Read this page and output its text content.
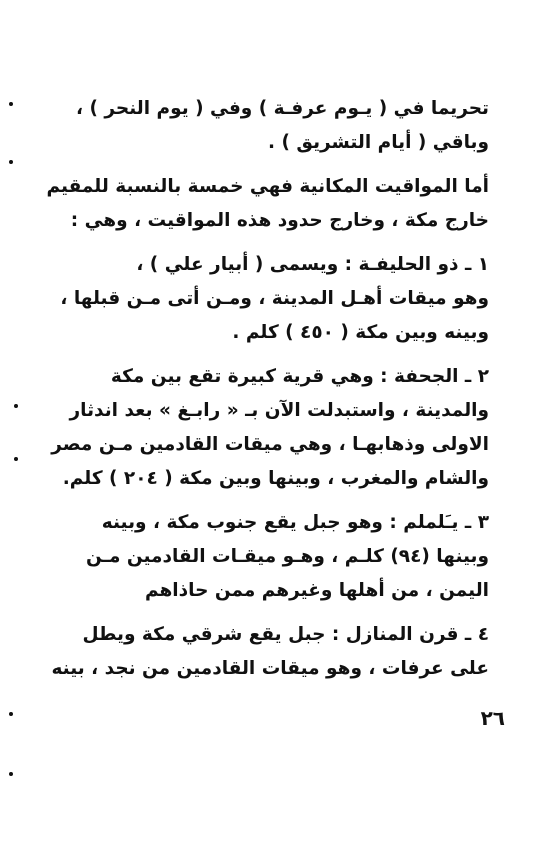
تحريما في ( يـوم عرفـة ) وفي ( يوم النحر ) ،
وباقي ( أيام التشريق ) .

أما المواقيت المكانية فهي خمسة بالنسبة للمقيم
خارج مكة ، وخارج حدود هذه المواقيت ، وهي :

١ ـ ذو الحليفـة : ويسمى ( أبيار علي ) ،
وهو ميقات أهـل المدينة ، ومـن أتى مـن قبلها ،
وبينه وبين مكة ( ٤٥٠ ) كلم .

٢ ـ الجحفة : وهي قرية كبيرة تقع بين مكة
والمدينة ، واستبدلت الآن بـ « رابـغ » بعد اندثار
الاولى وذهابهـا ، وهي ميقات القادمين مـن مصر
والشام والمغرب ، وبينها وبين مكة ( ٢٠٤ ) كلم.

٣ ـ يـَلملم : وهو جبل يقع جنوب مكة ، وبينه
وبينها (٩٤) كلـم ، وهـو ميقـات القادمين مـن
اليمن ، من أهلها وغيرهم ممن حاذاهم

٤ ـ قرن المنازل : جبل يقع شرقي مكة ويطل
على عرفات ، وهو ميقات القادمين من نجد ، بينه

٢٦
